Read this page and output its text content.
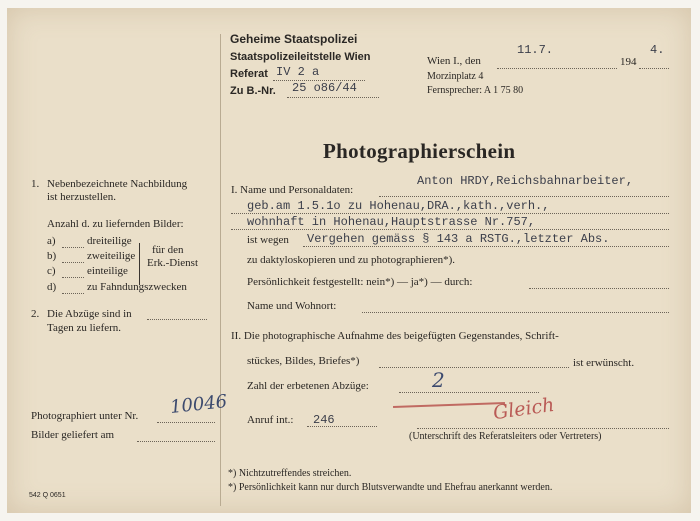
Geheime Staatspolizei
Staatspolizeileitstelle Wien
Referat IV 2 a
Zu B.-Nr. 25 o86/44
Wien I., den
11.7.
194
4.
Morzinplatz 4
Fernsprecher: A 1 75 80
Photographierschein
1. Nebenbezeichnete Nachbildung
ist herzustellen.
Anzahl d. zu liefernden Bilder:
a)	dreiteilige
b)	zweiteilige
c)	einteilige
d)	zu Fahndungszwecken
für den
Erk.-Dienst
2. Die Abzüge sind in
Tagen zu liefern.
Photographiert unter Nr. 10046
Bilder geliefert am
542 Q 0651
I. Name und Personaldaten:
Anton HRDY,Reichsbahnarbeiter,
geb.am 1.5.1o zu Hohenau,DRA.,kath.,verh.,
wohnhaft in Hohenau,Hauptstrasse Nr.757,
ist wegen Vergehen gemäss § 143 a RSTG.,letzter Abs.
zu daktyloskopieren und zu photographieren*).
Persönlichkeit festgestellt: nein*) — ja*) — durch:
Name und Wohnort:
II. Die photographische Aufnahme des beigefügten Gegenstandes, Schrift-
stückes, Bildes, Briefes*)	ist erwünscht.
Zahl der erbetenen Abzüge:	2
Anruf int.: 246	Gleich
(Unterschrift des Referatsleiters oder Vertreters)
*) Nichtzutreffendes streichen.
*) Persönlichkeit kann nur durch Blutsverwandte und Ehefrau anerkannt werden.
